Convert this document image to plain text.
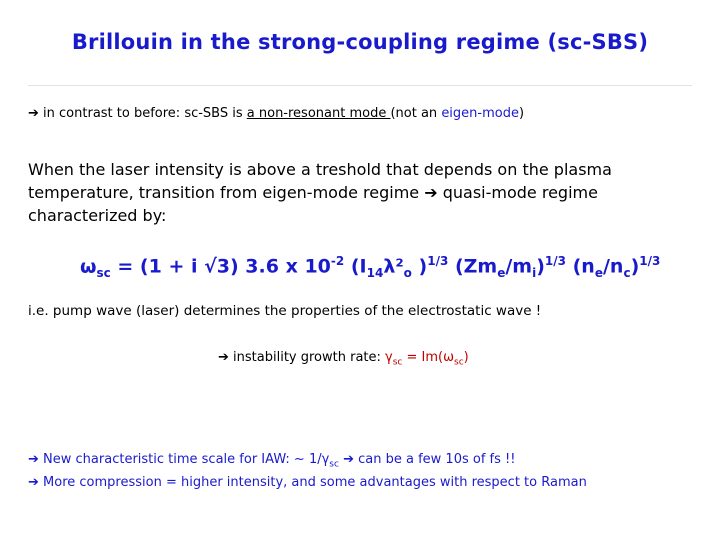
Brillouin in the strong-coupling regime (sc-SBS)
➔ in contrast to before: sc-SBS is a non-resonant mode (not an eigen-mode)
When the laser intensity is above a treshold that depends on the plasma temperature, transition from eigen-mode regime ➔ quasi-mode regime characterized by:
$\omega_{sc} = (1 + i$ √3) 3.6 x $10^{-2}$ ($I_{14}\lambda^2_o$ )$^{1/3}$ $(Zm_e/m_i)^{1/3}$ $(n_e/n_c)^{1/3}$
i.e. pump wave (laser) determines the properties of the electrostatic wave !
➔ instability growth rate: $\gamma_{sc} = Im(\omega_{sc})$
➔ New characteristic time scale for IAW: ~ $1/\gamma_{sc}$ ➔ can be a few 10s of fs !!
➔ More compression = higher intensity, and some advantages with respect to Raman
